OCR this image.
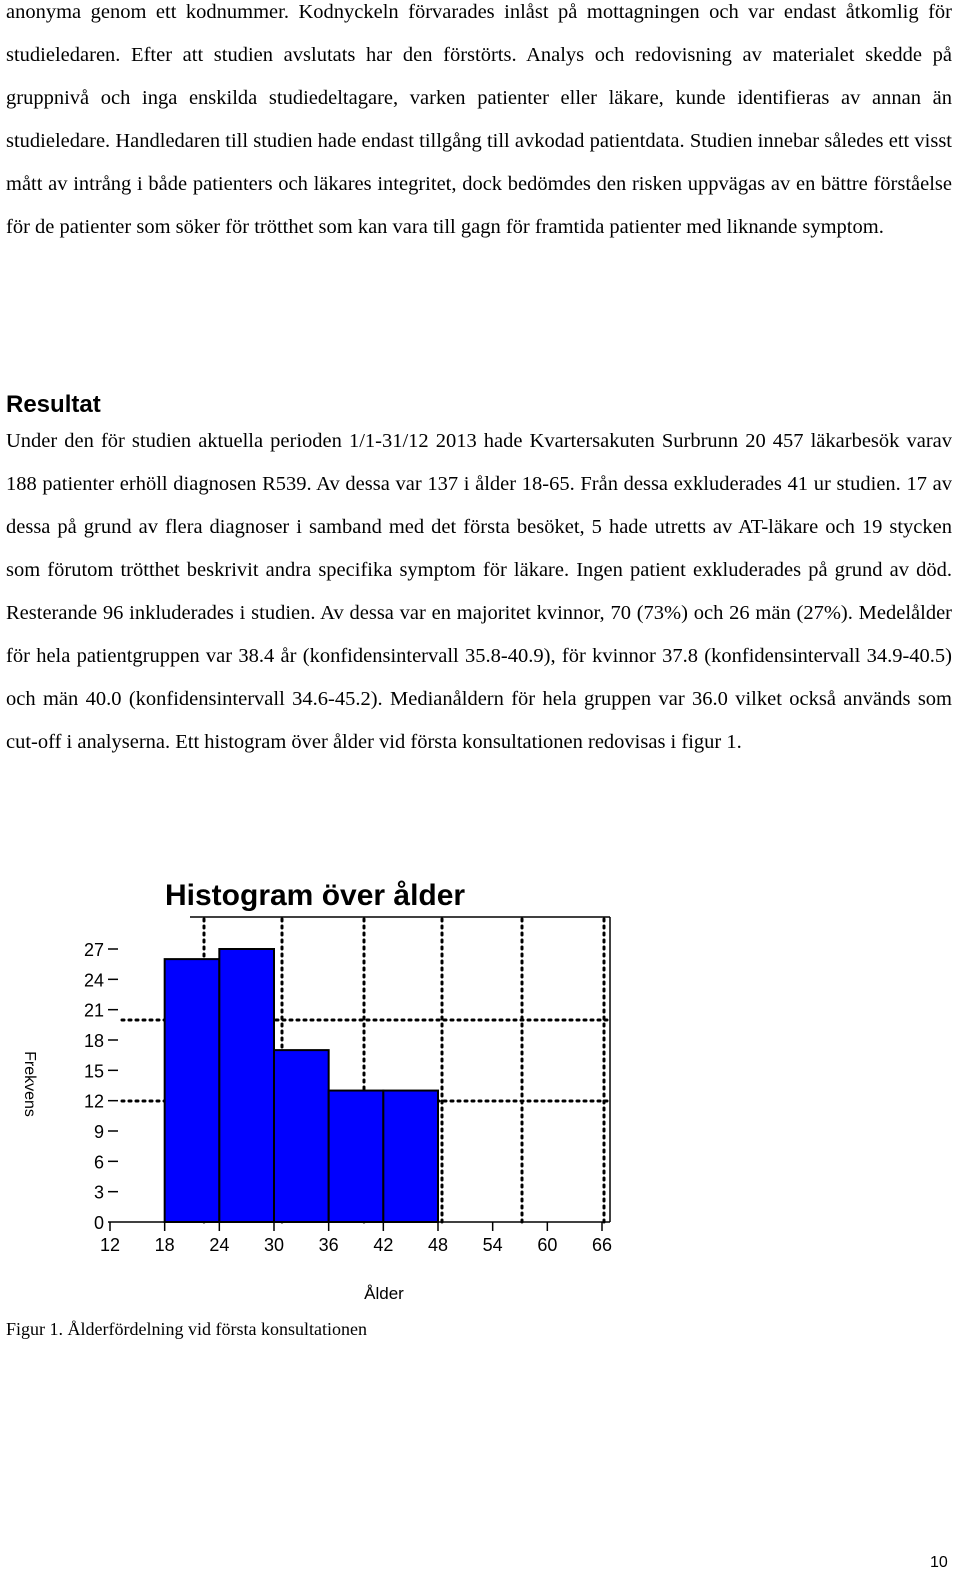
anonyma genom ett kodnummer. Kodnyckeln förvarades inlåst på mottagningen och var endast åtkomlig för studieledaren. Efter att studien avslutats har den förstörts. Analys och redovisning av materialet skedde på gruppnivå och inga enskilda studiedeltagare, varken patienter eller läkare, kunde identifieras av annan än studieledare. Handledaren till studien hade endast tillgång till avkodad patientdata. Studien innebar således ett visst mått av intrång i både patienters och läkares integritet, dock bedömdes den risken uppvägas av en bättre förståelse för de patienter som söker för trötthet som kan vara till gagn för framtida patienter med liknande symptom.

Resultat

Under den för studien aktuella perioden 1/1-31/12 2013 hade Kvartersakuten Surbrunn 20 457 läkarbesök varav 188 patienter erhöll diagnosen R539. Av dessa var 137 i ålder 18-65. Från dessa exkluderades 41 ur studien. 17 av dessa på grund av flera diagnoser i samband med det första besöket, 5 hade utretts av AT-läkare och 19 stycken som förutom trötthet beskrivit andra specifika symptom för läkare. Ingen patient exkluderades på grund av död. Resterande 96 inkluderades i studien. Av dessa var en majoritet kvinnor, 70 (73%) och 26 män (27%). Medelålder för hela patientgruppen var 38.4 år (konfidensintervall 35.8-40.9), för kvinnor 37.8 (konfidensintervall 34.9-40.5) och män 40.0 (konfidensintervall 34.6-45.2). Medianåldern för hela gruppen var 36.0 vilket också används som cut-off i analyserna. Ett histogram över ålder vid första konsultationen redovisas i figur 1.

0
3
6
9
12
15
18
21
24
27
12 18 24 30 36 42 48 54 60 66
Histogram över ålder
Frekvens
Ålder

Figur 1. Ålderfördelning vid första konsultationen

10
